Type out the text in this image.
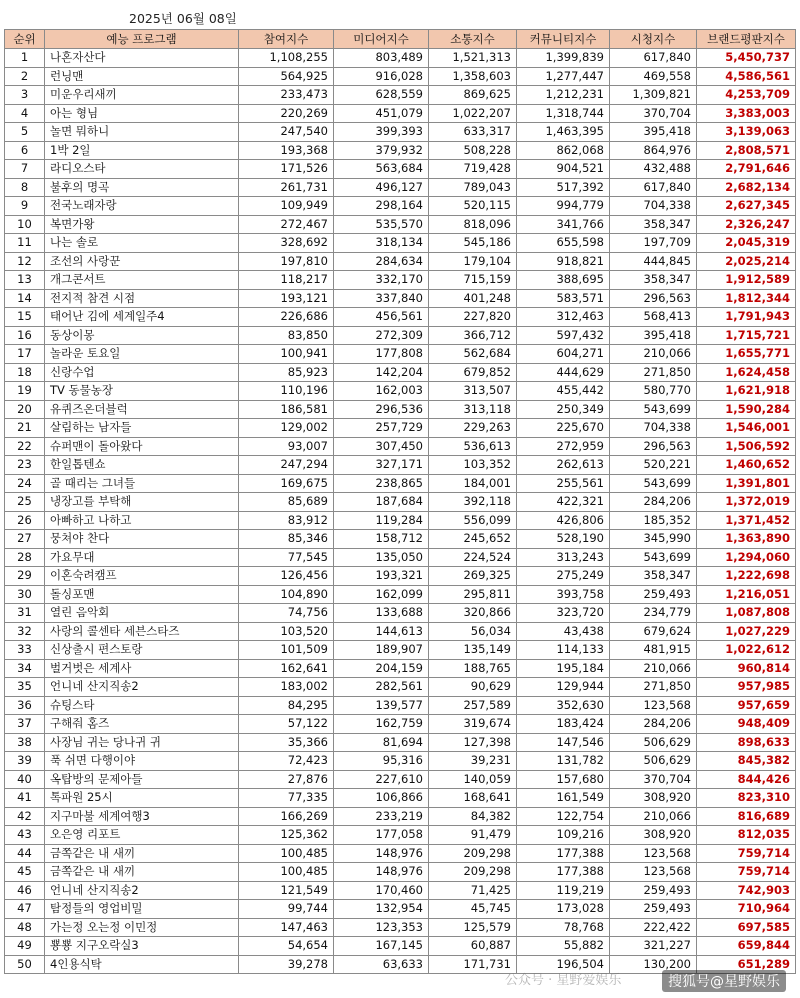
2025년 06월 08일
순위	예능 프로그램	참여지수	미디어지수	소통지수	커뮤니티지수	시청지수	브랜드평판지수
1	나혼자산다	1,108,255	803,489	1,521,313	1,399,839	617,840	5,450,737
2	런닝맨	564,925	916,028	1,358,603	1,277,447	469,558	4,586,561
3	미운우리새끼	233,473	628,559	869,625	1,212,231	1,309,821	4,253,709
4	아는 형님	220,269	451,079	1,022,207	1,318,744	370,704	3,383,003
5	놀면 뭐하니	247,540	399,393	633,317	1,463,395	395,418	3,139,063
6	1박 2일	193,368	379,932	508,228	862,068	864,976	2,808,571
7	라디오스타	171,526	563,684	719,428	904,521	432,488	2,791,646
8	불후의 명곡	261,731	496,127	789,043	517,392	617,840	2,682,134
9	전국노래자랑	109,949	298,164	520,115	994,779	704,338	2,627,345
10	복면가왕	272,467	535,570	818,096	341,766	358,347	2,326,247
11	나는 솔로	328,692	318,134	545,186	655,598	197,709	2,045,319
12	조선의 사랑꾼	197,810	284,634	179,104	918,821	444,845	2,025,214
13	개그콘서트	118,217	332,170	715,159	388,695	358,347	1,912,589
14	전지적 참견 시점	193,121	337,840	401,248	583,571	296,563	1,812,344
15	태어난 김에 세계일주4	226,686	456,561	227,820	312,463	568,413	1,791,943
16	동상이몽	83,850	272,309	366,712	597,432	395,418	1,715,721
17	놀라운 토요일	100,941	177,808	562,684	604,271	210,066	1,655,771
18	신랑수업	85,923	142,204	679,852	444,629	271,850	1,624,458
19	TV 동물농장	110,196	162,003	313,507	455,442	580,770	1,621,918
20	유퀴즈온더블럭	186,581	296,536	313,118	250,349	543,699	1,590,284
21	살림하는 남자들	129,002	257,729	229,263	225,670	704,338	1,546,001
22	슈퍼맨이 돌아왔다	93,007	307,450	536,613	272,959	296,563	1,506,592
23	한일톱텐쇼	247,294	327,171	103,352	262,613	520,221	1,460,652
24	골 때리는 그녀들	169,675	238,865	184,001	255,561	543,699	1,391,801
25	냉장고를 부탁해	85,689	187,684	392,118	422,321	284,206	1,372,019
26	아빠하고 나하고	83,912	119,284	556,099	426,806	185,352	1,371,452
27	뭉쳐야 찬다	85,346	158,712	245,652	528,190	345,990	1,363,890
28	가요무대	77,545	135,050	224,524	313,243	543,699	1,294,060
29	이혼숙려캠프	126,456	193,321	269,325	275,249	358,347	1,222,698
30	돌싱포맨	104,890	162,099	295,811	393,758	259,493	1,216,051
31	열린 음악회	74,756	133,688	320,866	323,720	234,779	1,087,808
32	사랑의 콜센타 세븐스타즈	103,520	144,613	56,034	43,438	679,624	1,027,229
33	신상출시 편스토랑	101,509	189,907	135,149	114,133	481,915	1,022,612
34	벌거벗은 세계사	162,641	204,159	188,765	195,184	210,066	960,814
35	언니네 산지직송2	183,002	282,561	90,629	129,944	271,850	957,985
36	슈팅스타	84,295	139,577	257,589	352,630	123,568	957,659
37	구해줘 홈즈	57,122	162,759	319,674	183,424	284,206	948,409
38	사장님 귀는 당나귀 귀	35,366	81,694	127,398	147,546	506,629	898,633
39	푹 쉬면 다행이야	72,423	95,316	39,231	131,782	506,629	845,382
40	옥탑방의 문제아들	27,876	227,610	140,059	157,680	370,704	844,426
41	톡파원 25시	77,335	106,866	168,641	161,549	308,920	823,310
42	지구마불 세계여행3	166,269	233,219	84,382	122,754	210,066	816,689
43	오은영 리포트	125,362	177,058	91,479	109,216	308,920	812,035
44	금쪽같은 내 새끼	100,485	148,976	209,298	177,388	123,568	759,714
45	금쪽같은 내 새끼	100,485	148,976	209,298	177,388	123,568	759,714
46	언니네 산지직송2	121,549	170,460	71,425	119,219	259,493	742,903
47	탐정들의 영업비밀	99,744	132,954	45,745	173,028	259,493	710,964
48	가는정 오는정 이민정	147,463	123,353	125,579	78,768	222,422	697,585
49	뿅뿅 지구오락실3	54,654	167,145	60,887	55,882	321,227	659,844
50	4인용식탁	39,278	63,633	171,731	196,504	130,200	651,289
公众号 · 星野爱娱乐	搜狐号@星野娱乐
